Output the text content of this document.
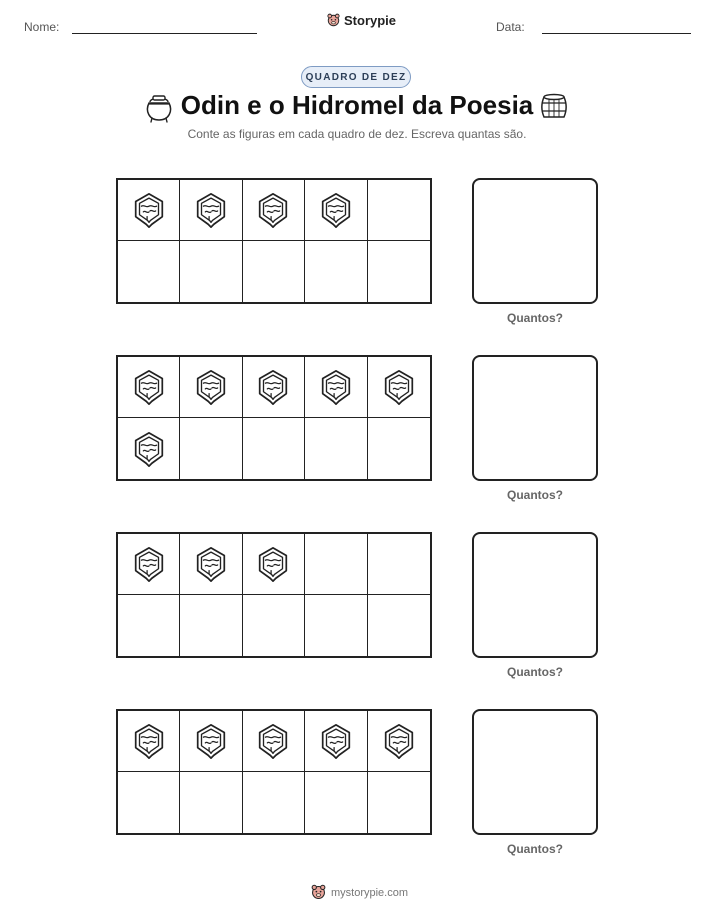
Nome:	Storypie	Data:
QUADRO DE DEZ
Odin e o Hidromel da Poesia
Conte as figuras em cada quadro de dez. Escreva quantas são.
Quantos?
Quantos?
Quantos?
Quantos?
mystorypie.com
